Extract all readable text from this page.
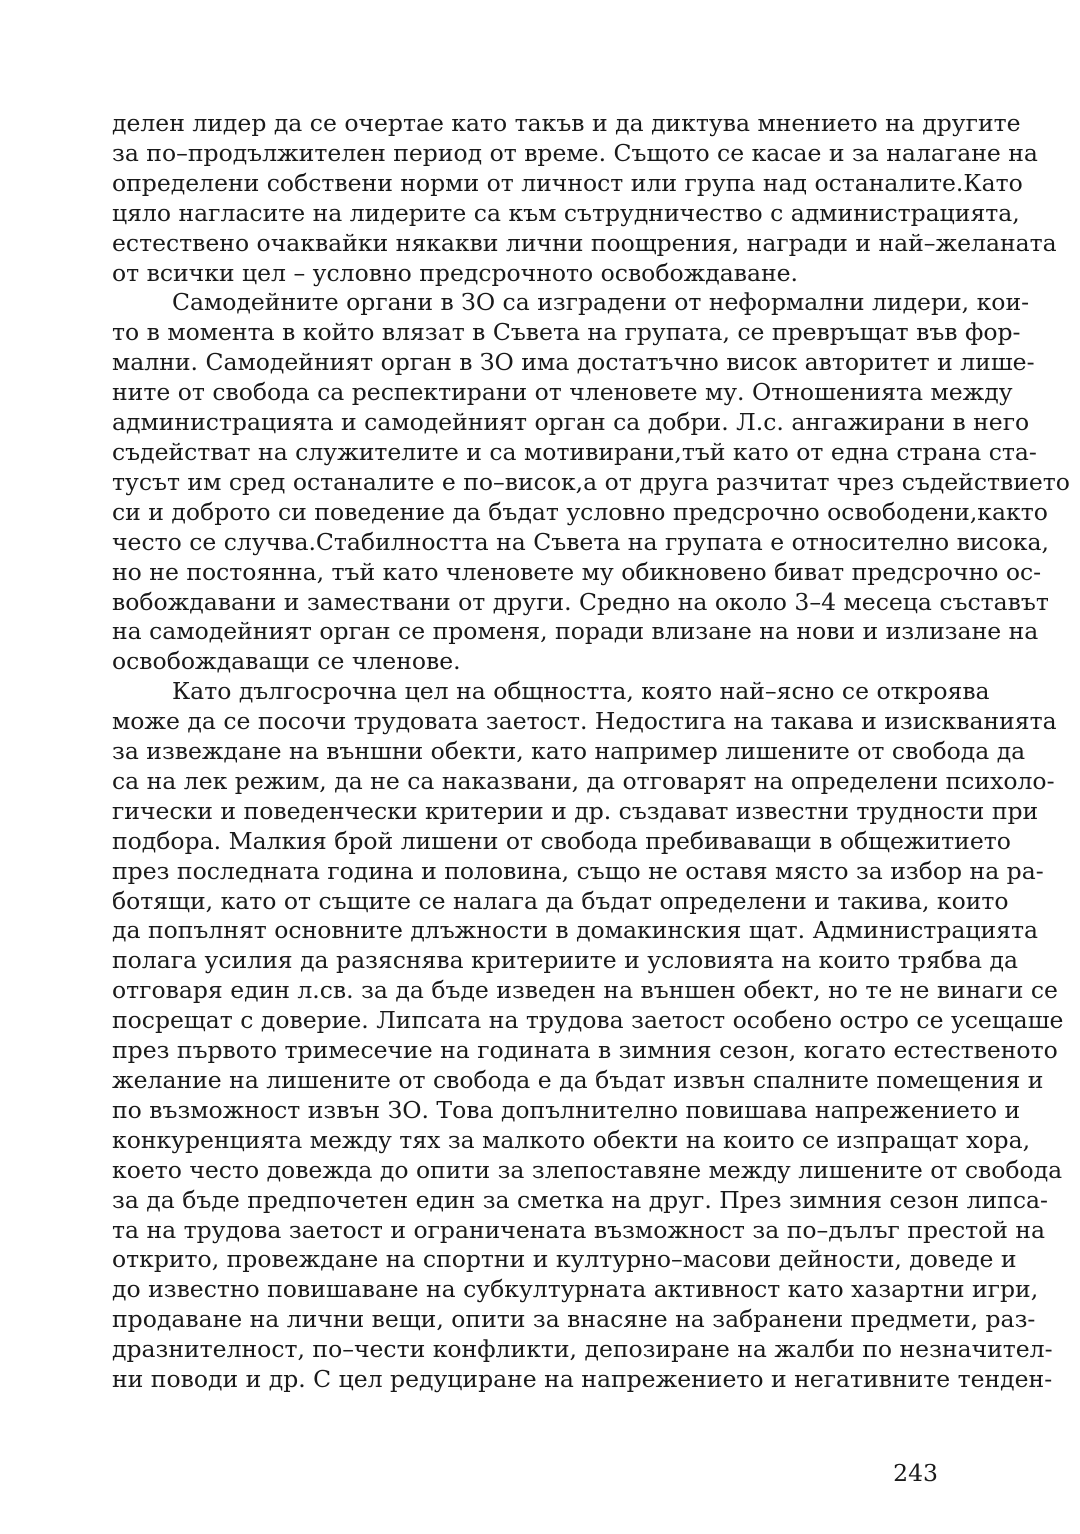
делен лидер да се очертае като такъв и да диктува мнението на другите
за по–продължителен период от време. Същото се касае и за налагане на
определени собствени норми от личност или група над останалите.Като
цяло нагласите на лидерите са към сътрудничество с администрацията,
естествено очаквайки някакви лични поощрения, награди и най–желаната
от всички цел – условно предсрочното освобождаване.
Самодейните органи в ЗО са изградени от неформални лидери, кои-
то в момента в който влязат в Съвета на групата, се превръщат във фор-
мални. Самодейният орган в ЗО има достатъчно висок авторитет и лише-
ните от свобода са респектирани от членовете му. Отношенията между
администрацията и самодейният орган са добри. Л.с. ангажирани в него
съдействат на служителите и са мотивирани,тъй като от една страна ста-
тусът им сред останалите е по–висок,а от друга разчитат чрез съдействието
си и доброто си поведение да бъдат условно предсрочно освободени,както
често се случва.Стабилността на Съвета на групата е относително висока,
но не постоянна, тъй като членовете му обикновено биват предсрочно ос-
вобождавани и замествани от други. Средно на около 3–4 месеца съставът
на самодейният орган се променя, поради влизане на нови и излизане на
освобождаващи се членове.
Като дългосрочна цел на общността, която най–ясно се откроява
може да се посочи трудовата заетост. Недостига на такава и изискванията
за извеждане на външни обекти, като например лишените от свобода да
са на лек режим, да не са наказвани, да отговарят на определени психоло-
гически и поведенчески критерии и др. създават известни трудности при
подбора. Малкия брой лишени от свобода пребиваващи в общежитието
през последната година и половина, също не оставя място за избор на ра-
ботящи, като от същите се налага да бъдат определени и такива, които
да попълнят основните длъжности в домакинския щат. Администрацията
полага усилия да разяснява критериите и условията на които трябва да
отговаря един л.св. за да бъде изведен на външен обект, но те не винаги се
посрещат с доверие. Липсата на трудова заетост особено остро се усещаше
през първото тримесечие на годината в зимния сезон, когато естественото
желание на лишените от свобода е да бъдат извън спалните помещения и
по възможност извън ЗО. Това допълнително повишава напрежението и
конкуренцията между тях за малкото обекти на които се изпращат хора,
което често довежда до опити за злепоставяне между лишените от свобода
за да бъде предпочетен един за сметка на друг. През зимния сезон липса-
та на трудова заетост и ограничената възможност за по–дълъг престой на
открито, провеждане на спортни и културно–масови дейности, доведе и
до известно повишаване на субкултурната активност като хазартни игри,
продаване на лични вещи, опити за внасяне на забранени предмети, раз-
дразнителност, по–чести конфликти, депозиране на жалби по незначител-
ни поводи и др. С цел редуциране на напрежението и негативните тенден-
243
